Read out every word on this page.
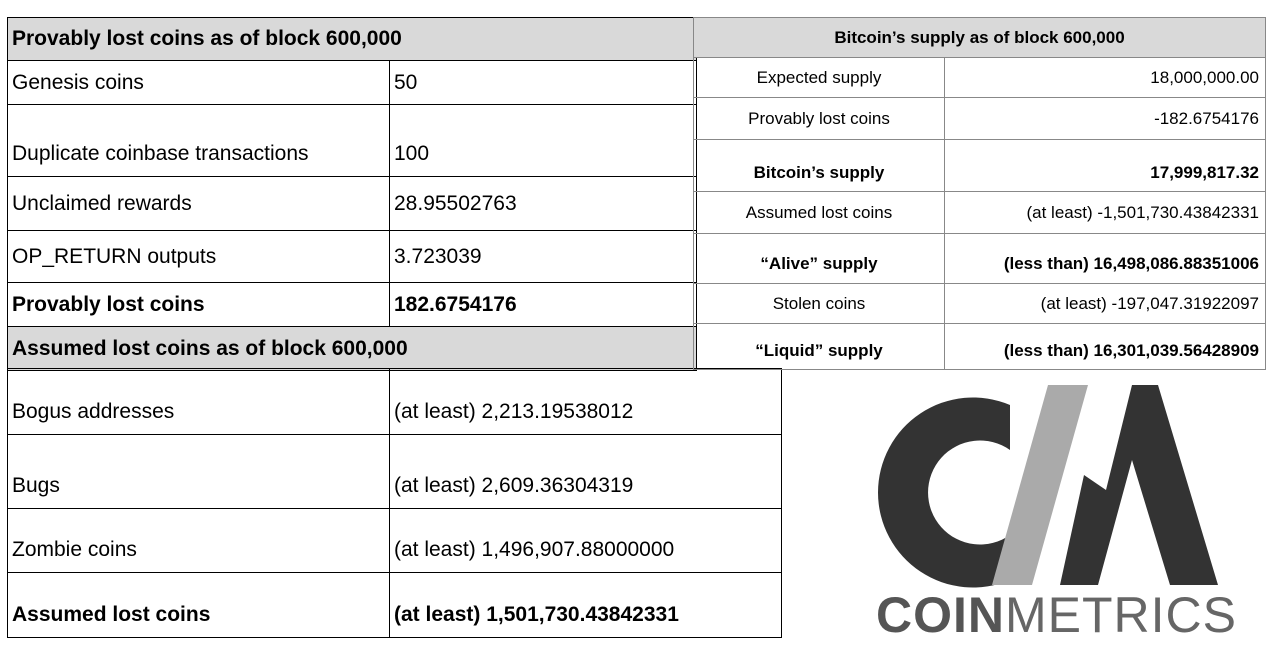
Provably lost coins as of block 600,000	
Genesis coins	50
Duplicate coinbase transactions	100
Unclaimed rewards	28.95502763
OP_RETURN outputs	3.723039
Provably lost coins	182.6754176
Assumed lost coins as of block 600,000	
Bogus addresses	(at least) 2,213.19538012
Bugs	(at least) 2,609.36304319
Zombie coins	(at least) 1,496,907.88000000
Assumed lost coins	(at least) 1,501,730.43842331
Bitcoin’s supply as of block 600,000	
Expected supply	18,000,000.00
Provably lost coins	-182.6754176
Bitcoin’s supply	17,999,817.32
Assumed lost coins	(at least) -1,501,730.43842331
“Alive” supply	(less than) 16,498,086.88351006
Stolen coins	(at least) -197,047.31922097
“Liquid” supply	(less than) 16,301,039.56428909
COINMETRICS
